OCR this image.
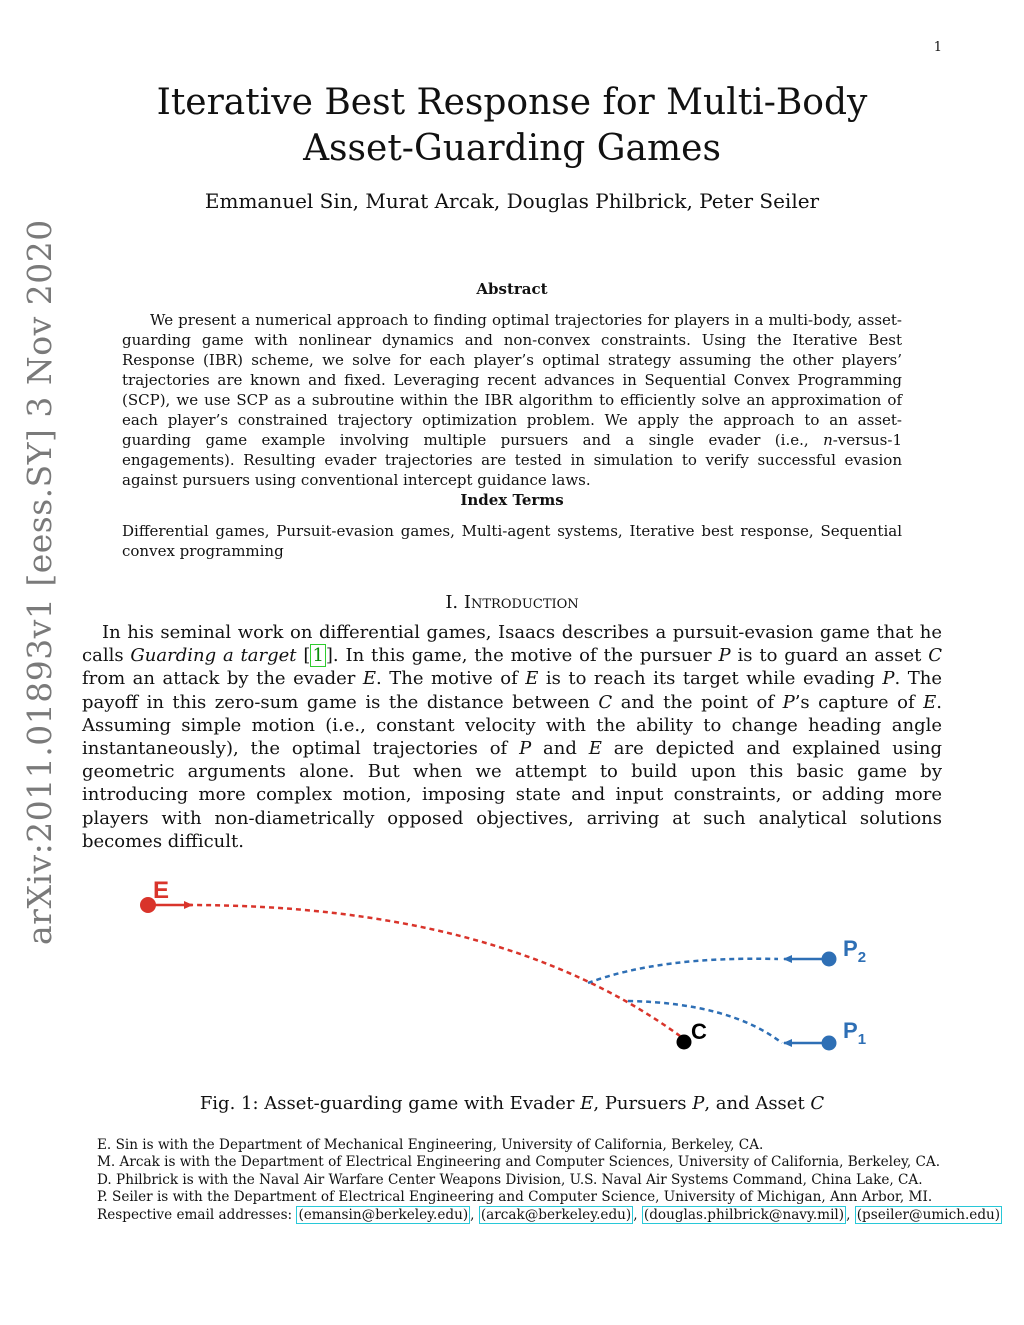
1
Iterative Best Response for Multi-Body
Asset-Guarding Games
Emmanuel Sin, Murat Arcak, Douglas Philbrick, Peter Seiler
Abstract

We present a numerical approach to finding optimal trajectories for players in a multi-body, asset-guarding game with nonlinear dynamics and non-convex constraints. Using the Iterative Best Response (IBR) scheme, we solve for each player’s optimal strategy assuming the other players’ trajectories are known and fixed. Leveraging recent advances in Sequential Convex Programming (SCP), we use SCP as a subroutine within the IBR algorithm to efficiently solve an approximation of each player’s constrained trajectory optimization problem. We apply the approach to an asset-guarding game example involving multiple pursuers and a single evader (i.e., n-versus-1 engagements). Resulting evader trajectories are tested in simulation to verify successful evasion against pursuers using conventional intercept guidance laws.

Index Terms

Differential games, Pursuit-evasion games, Multi-agent systems, Iterative best response, Sequential convex programming

I. Introduction

In his seminal work on differential games, Isaacs describes a pursuit-evasion game that he calls Guarding a target [ 1 ]. In this game, the motive of the pursuer P is to guard an asset C from an attack by the evader E. The motive of E is to reach its target while evading P. The payoff in this zero-sum game is the distance between C and the point of P’s capture of E. Assuming simple motion (i.e., constant velocity with the ability to change heading angle instantaneously), the optimal trajectories of P and E are depicted and explained using geometric arguments alone. But when we attempt to build upon this basic game by introducing more complex motion, imposing state and input constraints, or adding more players with non-diametrically opposed objectives, arriving at such analytical solutions becomes difficult.

arXiv:2011.01893v1 [eess.SY] 3 Nov 2020	E
C
$P_2$
$P_1$
Fig. 1: Asset-guarding game with Evader E, Pursuers P, and Asset C
E. Sin is with the Department of Mechanical Engineering, University of California, Berkeley, CA.
M. Arcak is with the Department of Electrical Engineering and Computer Sciences, University of California, Berkeley, CA.
D. Philbrick is with the Naval Air Warfare Center Weapons Division, U.S. Naval Air Systems Command, China Lake, CA.
P. Seiler is with the Department of Electrical Engineering and Computer Science, University of Michigan, Ann Arbor, MI.
Respective email addresses: (emansin@berkeley.edu) , (arcak@berkeley.edu) , (douglas.philbrick@navy.mil) , (pseiler@umich.edu)
